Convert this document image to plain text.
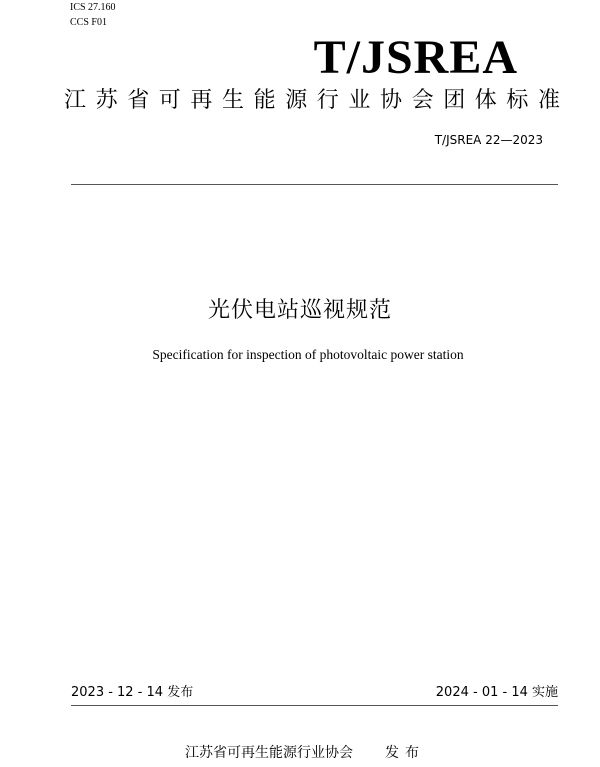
ICS 27.160
CCS F01
T/JSREA
江苏省可再生能源行业协会团体标准
T/JSREA 22—2023
光伏电站巡视规范
Specification for inspection of photovoltaic power station
2023 - 12 - 14 发布	2024 - 01 - 14 实施
江苏省可再生能源行业协会 发布
